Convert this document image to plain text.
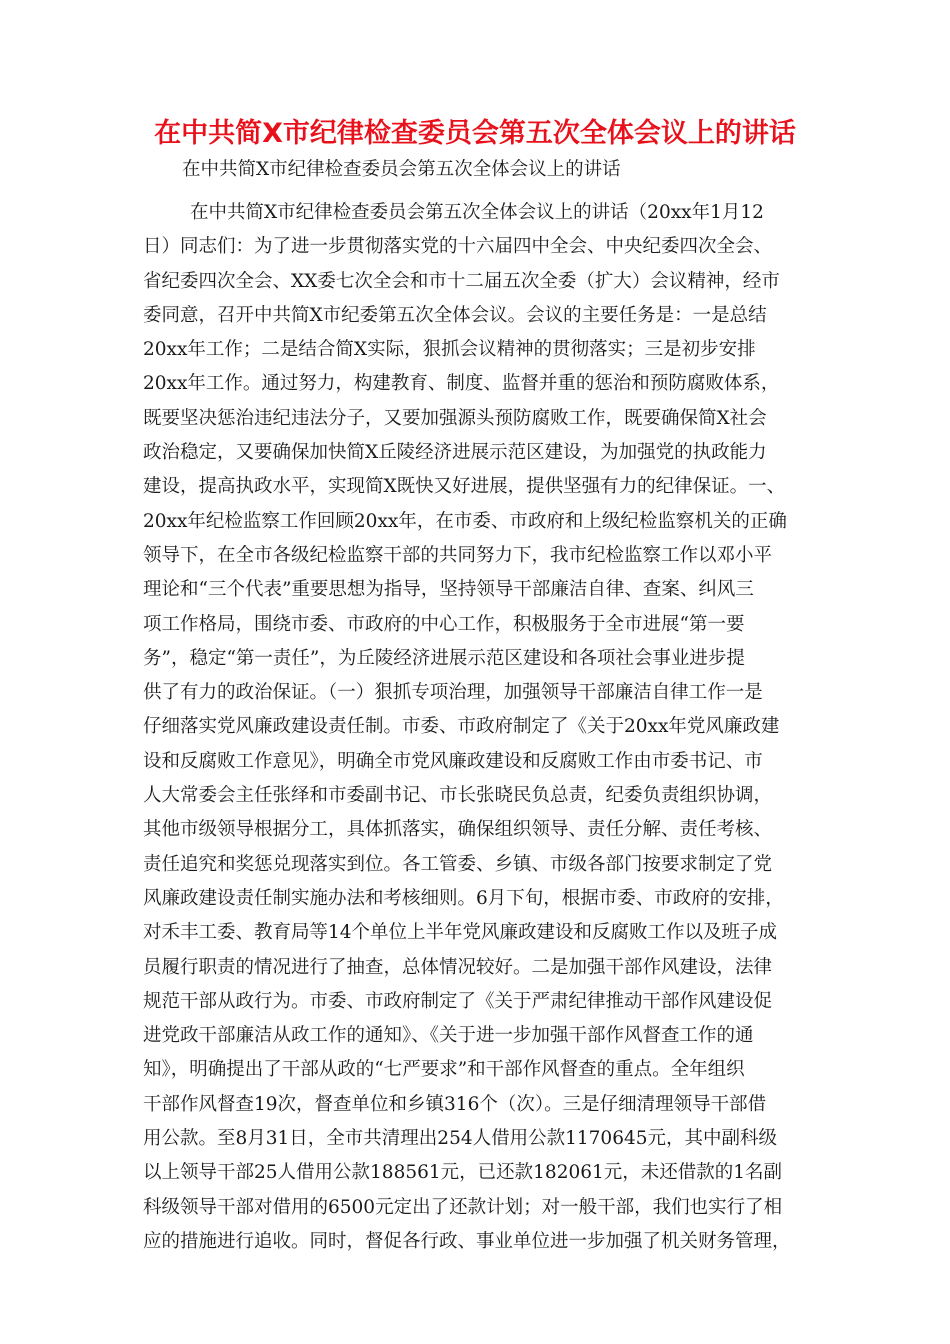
在中共简X市纪律检查委员会第五次全体会议上的讲话
在中共简X市纪律检查委员会第五次全体会议上的讲话
在中共简X市纪律检查委员会第五次全体会议上的讲话（20xx年1月12
日）同志们：为了进一步贯彻落实党的十六届四中全会、中央纪委四次全会、
省纪委四次全会、XX委七次全会和市十二届五次全委（扩大）会议精神，经市
委同意，召开中共简X市纪委第五次全体会议。会议的主要任务是：一是总结
20xx年工作；二是结合简X实际，狠抓会议精神的贯彻落实；三是初步安排
20xx年工作。通过努力，构建教育、制度、监督并重的惩治和预防腐败体系，
既要坚决惩治违纪违法分子，又要加强源头预防腐败工作，既要确保简X社会
政治稳定，又要确保加快简X丘陵经济进展示范区建设，为加强党的执政能力
建设，提高执政水平，实现简X既快又好进展，提供坚强有力的纪律保证。一、
20xx年纪检监察工作回顾20xx年，在市委、市政府和上级纪检监察机关的正确
领导下，在全市各级纪检监察干部的共同努力下，我市纪检监察工作以邓小平
理论和“三个代表”重要思想为指导，坚持领导干部廉洁自律、查案、纠风三
项工作格局，围绕市委、市政府的中心工作，积极服务于全市进展“第一要
务”，稳定“第一责任”，为丘陵经济进展示范区建设和各项社会事业进步提
供了有力的政治保证。（一）狠抓专项治理，加强领导干部廉洁自律工作一是
仔细落实党风廉政建设责任制。市委、市政府制定了《关于20xx年党风廉政建
设和反腐败工作意见》，明确全市党风廉政建设和反腐败工作由市委书记、市
人大常委会主任张绎和市委副书记、市长张晓民负总责，纪委负责组织协调，
其他市级领导根据分工，具体抓落实，确保组织领导、责任分解、责任考核、
责任追究和奖惩兑现落实到位。各工管委、乡镇、市级各部门按要求制定了党
风廉政建设责任制实施办法和考核细则。6月下旬，根据市委、市政府的安排，
对禾丰工委、教育局等14个单位上半年党风廉政建设和反腐败工作以及班子成
员履行职责的情况进行了抽查，总体情况较好。二是加强干部作风建设，法律
规范干部从政行为。市委、市政府制定了《关于严肃纪律推动干部作风建设促
进党政干部廉洁从政工作的通知》、《关于进一步加强干部作风督查工作的通
知》，明确提出了干部从政的“七严要求”和干部作风督查的重点。全年组织
干部作风督查19次，督查单位和乡镇316个（次）。三是仔细清理领导干部借
用公款。至8月31日，全市共清理出254人借用公款1170645元，其中副科级
以上领导干部25人借用公款188561元，已还款182061元，未还借款的1名副
科级领导干部对借用的6500元定出了还款计划；对一般干部，我们也实行了相
应的措施进行追收。同时，督促各行政、事业单位进一步加强了机关财务管理，
